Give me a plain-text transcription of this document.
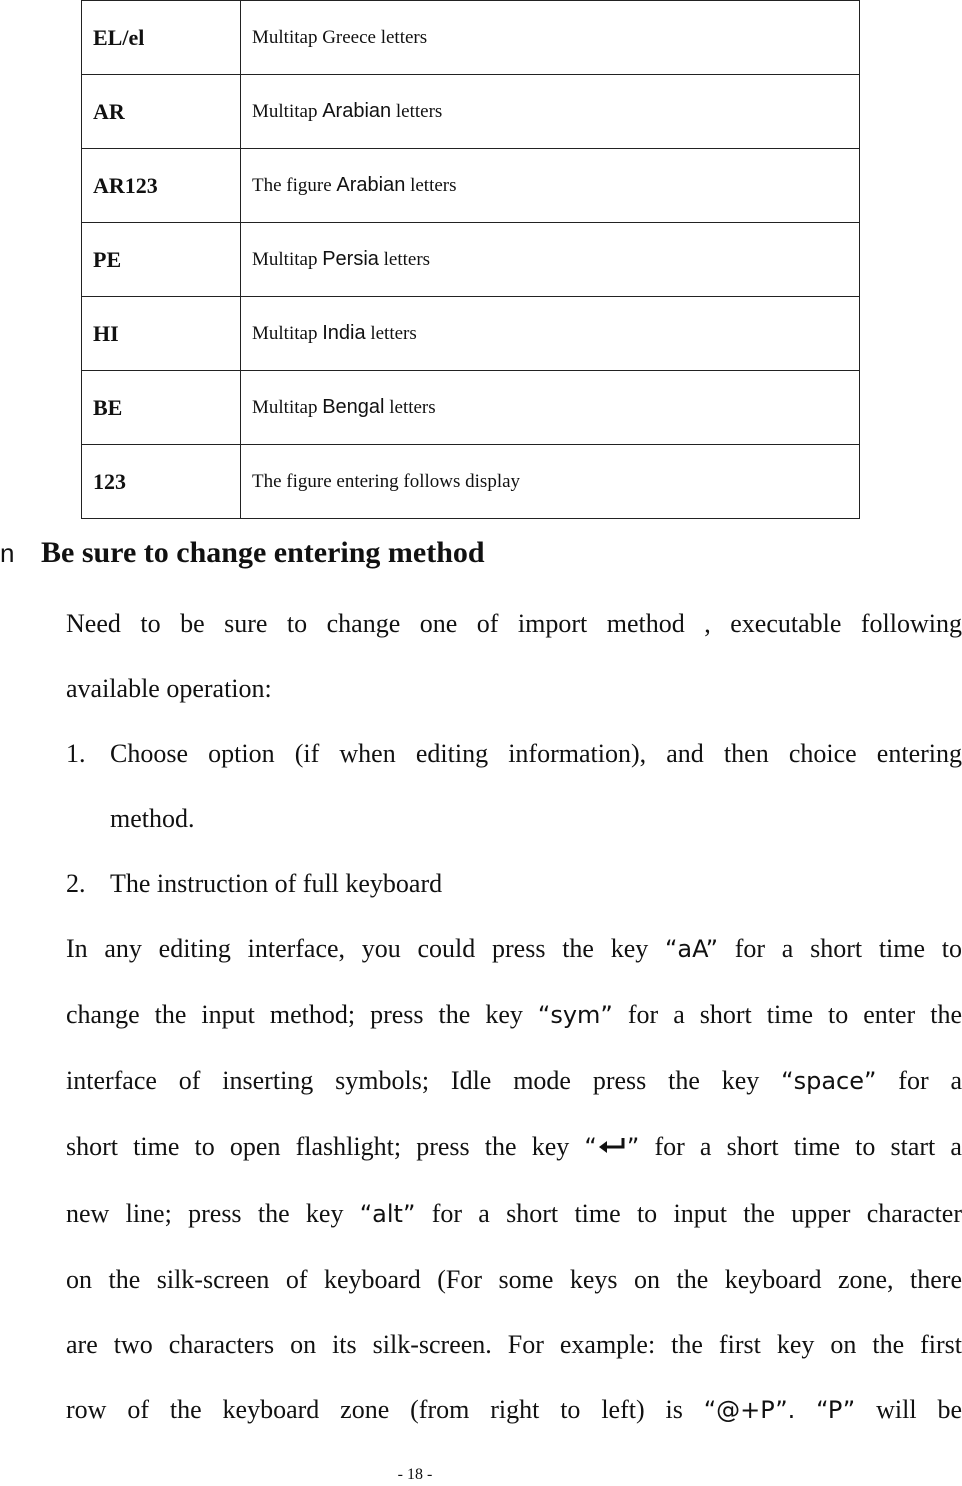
EL/el	Multitap Greece letters
AR	Multitap Arabian letters
AR123	The figure Arabian letters
PE	Multitap Persia letters
HI	Multitap India letters
BE	Multitap Bengal letters
123	The figure entering follows display
n Be sure to change entering method
Need to be sure to change one of import method , executable following
available operation:
1. Choose option (if when editing information), and then choice entering
method.
2. The instruction of full keyboard
In any editing interface, you could press the key “aA” for a short time to
change the input method; press the key “sym” for a short time to enter the
interface of inserting symbols; Idle mode press the key “space” for a
short time to open flashlight; press the key “ ” for a short time to start a
new line; press the key “alt” for a short time to input the upper character
on the silk-screen of keyboard (For some keys on the keyboard zone, there
are two characters on its silk-screen. For example: the first key on the first
row of the keyboard zone (from right to left) is “@+P”. “P” will be
- 18 -
